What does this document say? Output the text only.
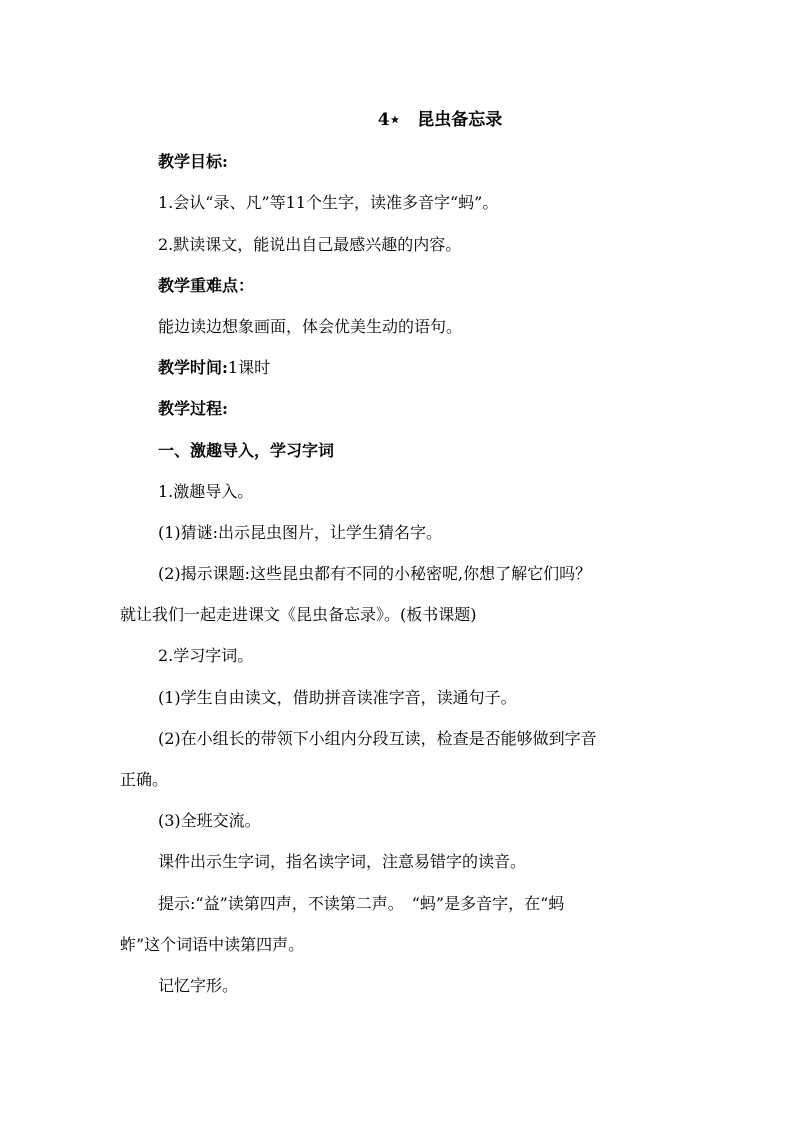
4⋆　昆虫备忘录

教学目标:

1.会认“录、凡”等11个生字，读准多音字“蚂”。

2.默读课文，能说出自己最感兴趣的内容。

教学重难点：

能边读边想象画面，体会优美生动的语句。

教学时间:1课时

教学过程:

一、激趣导入，学习字词

1.激趣导入。

(1)猜谜:出示昆虫图片，让学生猜名字。

(2)揭示课题:这些昆虫都有不同的小秘密呢,你想了解它们吗？

就让我们一起走进课文《昆虫备忘录》。(板书课题)

2.学习字词。

(1)学生自由读文，借助拼音读准字音，读通句子。

(2)在小组长的带领下小组内分段互读，检查是否能够做到字音

正确。

(3)全班交流。

课件出示生字词，指名读字词，注意易错字的读音。

提示:“益”读第四声，不读第二声。　“蚂”是多音字，在“蚂

蚱”这个词语中读第四声。

记忆字形。
